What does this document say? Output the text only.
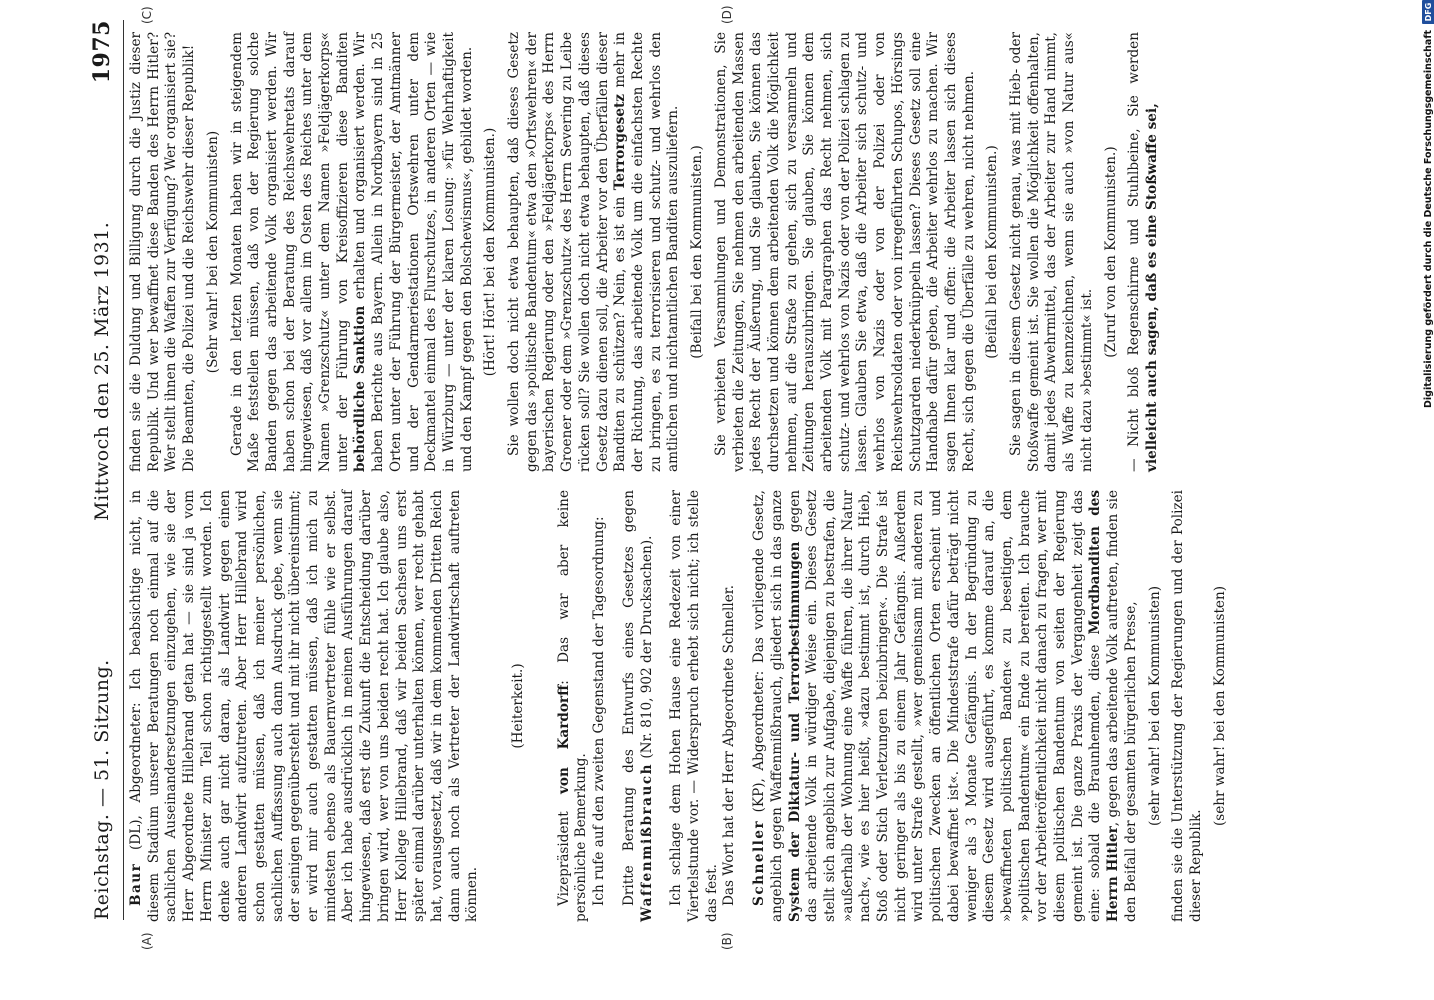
Reichstag. — 51. Sitzung.
Mittwoch den 25. März 1931.
1975
(A)	(B)
(C)	(D)

Baur (DL), Abgeordneter: Ich beabsichtige nicht, in diesem Stadium unserer Beratungen noch einmal auf die sachlichen Auseinandersetzungen einzugehen, wie sie der Herr Abgeordnete Hillebrand getan hat — sie sind ja vom Herrn Minister zum Teil schon richtiggestellt worden. Ich denke auch gar nicht daran, als Landwirt gegen einen anderen Landwirt aufzutreten. Aber Herr Hillebrand wird schon gestatten müssen, daß ich meiner persönlichen, sachlichen Auffassung auch dann Ausdruck gebe, wenn sie der seinigen gegenübersteht und mit ihr nicht übereinstimmt; er wird mir auch gestatten müssen, daß ich mich zu mindesten ebenso als Bauernvertreter fühle wie er selbst. Aber ich habe ausdrücklich in meinen Ausführungen darauf hingewiesen, daß erst die Zukunft die Entscheidung darüber bringen wird, wer von uns beiden recht hat. Ich glaube also, Herr Kollege Hillebrand, daß wir beiden Sachsen uns erst später einmal darüber unterhalten können, wer recht gehabt hat, vorausgesetzt, daß wir in dem kommenden Dritten Reich dann auch noch als Vertreter der Landwirtschaft auftreten können.

(Heiterkeit.)

Vizepräsident von Kardorff: Das war aber keine persönliche Bemerkung. Ich rufe auf den zweiten Gegenstand der Tagesordnung: Dritte Beratung des Entwurfs eines Gesetzes gegen Waffenmißbrauch (Nr. 810, 902 der Drucksachen). Ich schlage dem Hohen Hause eine Redezeit von einer Viertelstunde vor. — Widerspruch erhebt sich nicht; ich stelle das fest. Das Wort hat der Herr Abgeordnete Schneller. Schneller (KP), Abgeordneter: Das vorliegende Gesetz, angeblich gegen Waffenmißbrauch, gliedert sich in das ganze System der Diktatur- und Terrorbestimmungen gegen das arbeitende Volk in würdiger Weise ein. Dieses Gesetz stellt sich angeblich zur Aufgabe, diejenigen zu bestrafen, die »außerhalb der Wohnung eine Waffe führen, die ihrer Natur nach«, wie es hier heißt, »dazu bestimmt ist, durch Hieb, Stoß oder Stich Verletzungen beizubringen«. Die Strafe ist nicht geringer als bis zu einem Jahr Gefängnis. Außerdem wird unter Strafe gestellt, »wer gemeinsam mit anderen zu politischen Zwecken an öffentlichen Orten erscheint und dabei bewaffnet ist«. Die Mindeststrafe dafür beträgt nicht weniger als 3 Monate Gefängnis. In der Begründung zu diesem Gesetz wird ausgeführt, es komme darauf an, die »bewaffneten politischen Banden« zu beseitigen, dem »politischen Bandentum« ein Ende zu bereiten. Ich brauche vor der Arbeiteröffentlichkeit nicht danach zu fragen, wer mit diesem politischen Bandentum von seiten der Regierung gemeint ist. Die ganze Praxis der Vergangenheit zeigt das eine: sobald die Braunhemden, diese Mordbanditen des Herrn Hitler, gegen das arbeitende Volk auftreten, finden sie den Beifall der gesamten bürgerlichen Presse, (sehr wahr! bei den Kommunisten) finden sie die Unterstützung der Regierungen und der Polizei dieser Republik.

(sehr wahr! bei den Kommunisten)

finden sie die Duldung und Billigung durch die Justiz dieser Republik. Und wer bewaffnet diese Banden des Herrn Hitler? Wer stellt ihnen die Waffen zur Verfügung? Wer organisiert sie? Die Beamten, die Polizei und die Reichswehr dieser Republik! (Sehr wahr! bei den Kommunisten) Gerade in den letzten Monaten haben wir in steigendem Maße feststellen müssen, daß von der Regierung solche Banden gegen das arbeitende Volk organisiert werden. Wir haben schon bei der Beratung des Reichswehretats darauf hingewiesen, daß vor allem im Osten des Reiches unter dem Namen »Grenzschutz« unter dem Namen »Feldjägerkorps« unter der Führung von Kreisoffizieren diese Banditen behördliche Sanktion erhalten und organisiert werden. Wir haben Berichte aus Bayern. Allein in Nordbayern sind in 25 Orten unter der Führung der Bürgermeister, der Amtmänner und der Gendarmeriestationen Ortswehren unter dem Deckmantel einmal des Flurschutzes, in anderen Orten — wie in Würzburg — unter der klaren Losung: »für Wehrhaftigkeit und den Kampf gegen den Bolschewismus«, gebildet worden. (Hört! Hört! bei den Kommunisten.) Sie wollen doch nicht etwa behaupten, daß dieses Gesetz gegen das »politische Bandentum« etwa den »Ortswehren« der bayerischen Regierung oder den »Feldjägerkorps« des Herrn Groener oder dem »Grenzschutz« des Herrn Severing zu Leibe rücken soll? Sie wollen doch nicht etwa behaupten, daß dieses Gesetz dazu dienen soll, die Arbeiter vor den Überfällen dieser Banditen zu schützen? Nein, es ist ein Terrorgesetz mehr in der Richtung, das arbeitende Volk um die einfachsten Rechte zu bringen, es zu terrorisieren und schutz- und wehrlos den amtlichen und nichtamtlichen Banditen auszuliefern. (Beifall bei den Kommunisten.) Sie verbieten Versammlungen und Demonstrationen, Sie verbieten die Zeitungen, Sie nehmen den arbeitenden Massen jedes Recht der Äußerung, und Sie glauben, Sie können das durchsetzen und können dem arbeitenden Volk die Möglichkeit nehmen, auf die Straße zu gehen, sich zu versammeln und Zeitungen herauszubringen. Sie glauben, Sie können dem arbeitenden Volk mit Paragraphen das Recht nehmen, sich schutz- und wehrlos von Nazis oder von der Polizei schlagen zu lassen. Glauben Sie etwa, daß die Arbeiter sich schutz- und wehrlos von Nazis oder von der Polizei oder von Reichswehrsoldaten oder von irregeführten Schupos, Hörsings Schutzgarden niederknüppeln lassen? Dieses Gesetz soll eine Handhabe dafür geben, die Arbeiter wehrlos zu machen. Wir sagen Ihnen klar und offen: die Arbeiter lassen sich dieses Recht, sich gegen die Überfälle zu wehren, nicht nehmen. (Beifall bei den Kommunisten.) Sie sagen in diesem Gesetz nicht genau, was mit Hieb- oder Stoßwaffe gemeint ist. Sie wollen die Möglichkeit offenhalten, damit jedes Abwehrmittel, das der Arbeiter zur Hand nimmt, als Waffe zu kennzeichnen, wenn sie auch »von Natur aus« nicht dazu »bestimmt« ist.

(Zuruf von den Kommunisten.) — Nicht bloß Regenschirme und Stuhlbeine, Sie werden vielleicht auch sagen, daß es eine Stoßwaffe sei,	Digitalisierung gefördert durch die Deutsche Forschungsgemeinschaft
DFG
